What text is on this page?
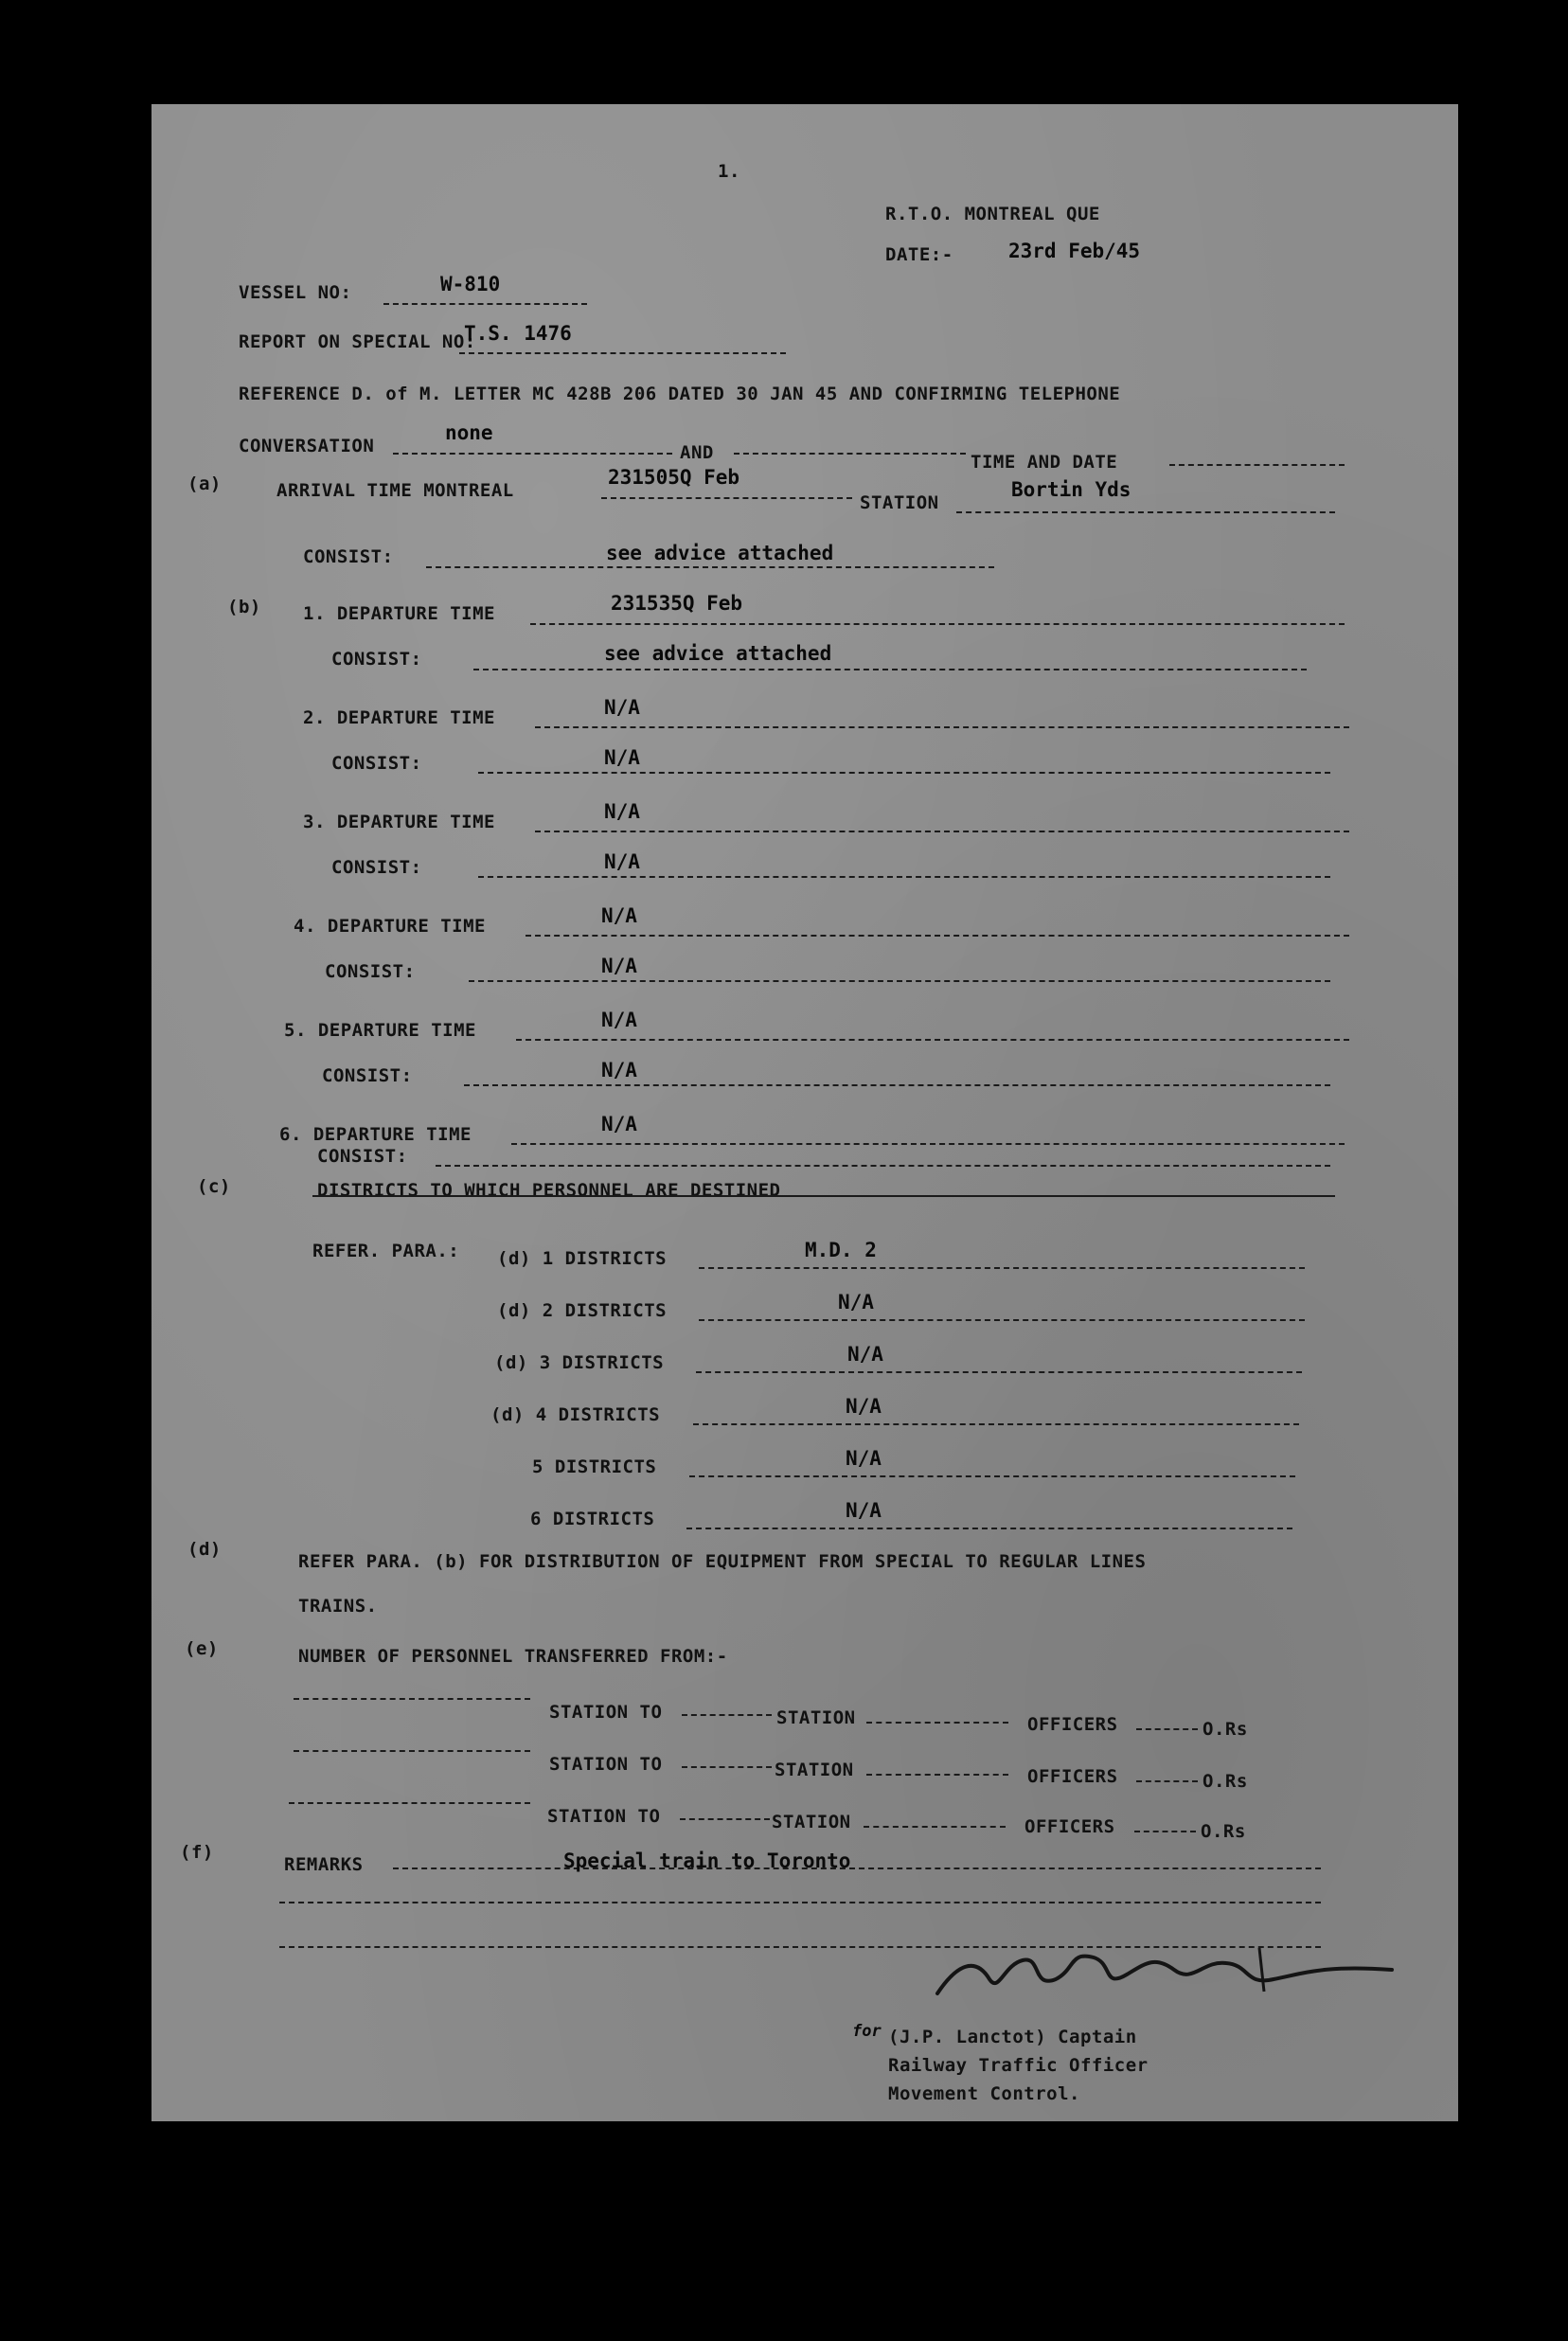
1.
R.T.O. MONTREAL QUE
DATE:-	23rd Feb/45
VESSEL NO:	W-810
REPORT ON SPECIAL NO:
T.S. 1476
REFERENCE D. of M. LETTER MC 428B 206 DATED 30 JAN 45 AND CONFIRMING TELEPHONE
CONVERSATION
none
AND	TIME AND DATE
(a)	ARRIVAL TIME MONTREAL
231505Q Feb
STATION
Bortin Yds
CONSIST:	see advice attached
(b) 1. DEPARTURE TIME	231535Q Feb
CONSIST:	see advice attached
2. DEPARTURE TIME	N/A
CONSIST:	N/A
3. DEPARTURE TIME	N/A
CONSIST:	N/A
4. DEPARTURE TIME	N/A
CONSIST:	N/A
5. DEPARTURE TIME	N/A
CONSIST:	N/A
6. DEPARTURE TIME	N/A
CONSIST:
(c)	DISTRICTS TO WHICH PERSONNEL ARE DESTINED
REFER. PARA.: (d) 1 DISTRICTS	M.D. 2
(d) 2 DISTRICTS	N/A
(d) 3 DISTRICTS	N/A
(d) 4 DISTRICTS	N/A
5 DISTRICTS	N/A
6 DISTRICTS	N/A
(d)
REFER PARA. (b) FOR DISTRIBUTION OF EQUIPMENT FROM SPECIAL TO REGULAR LINES
TRAINS.
(e)	NUMBER OF PERSONNEL TRANSFERRED FROM:-
STATION TO	STATION	OFFICERS	O.Rs
STATION TO	STATION	OFFICERS	O.Rs
STATION TO	STATION	OFFICERS	O.Rs
(f)
REMARKS	Special train to Toronto
for (J.P. Lanctot) Captain
Railway Traffic Officer
Movement Control.
